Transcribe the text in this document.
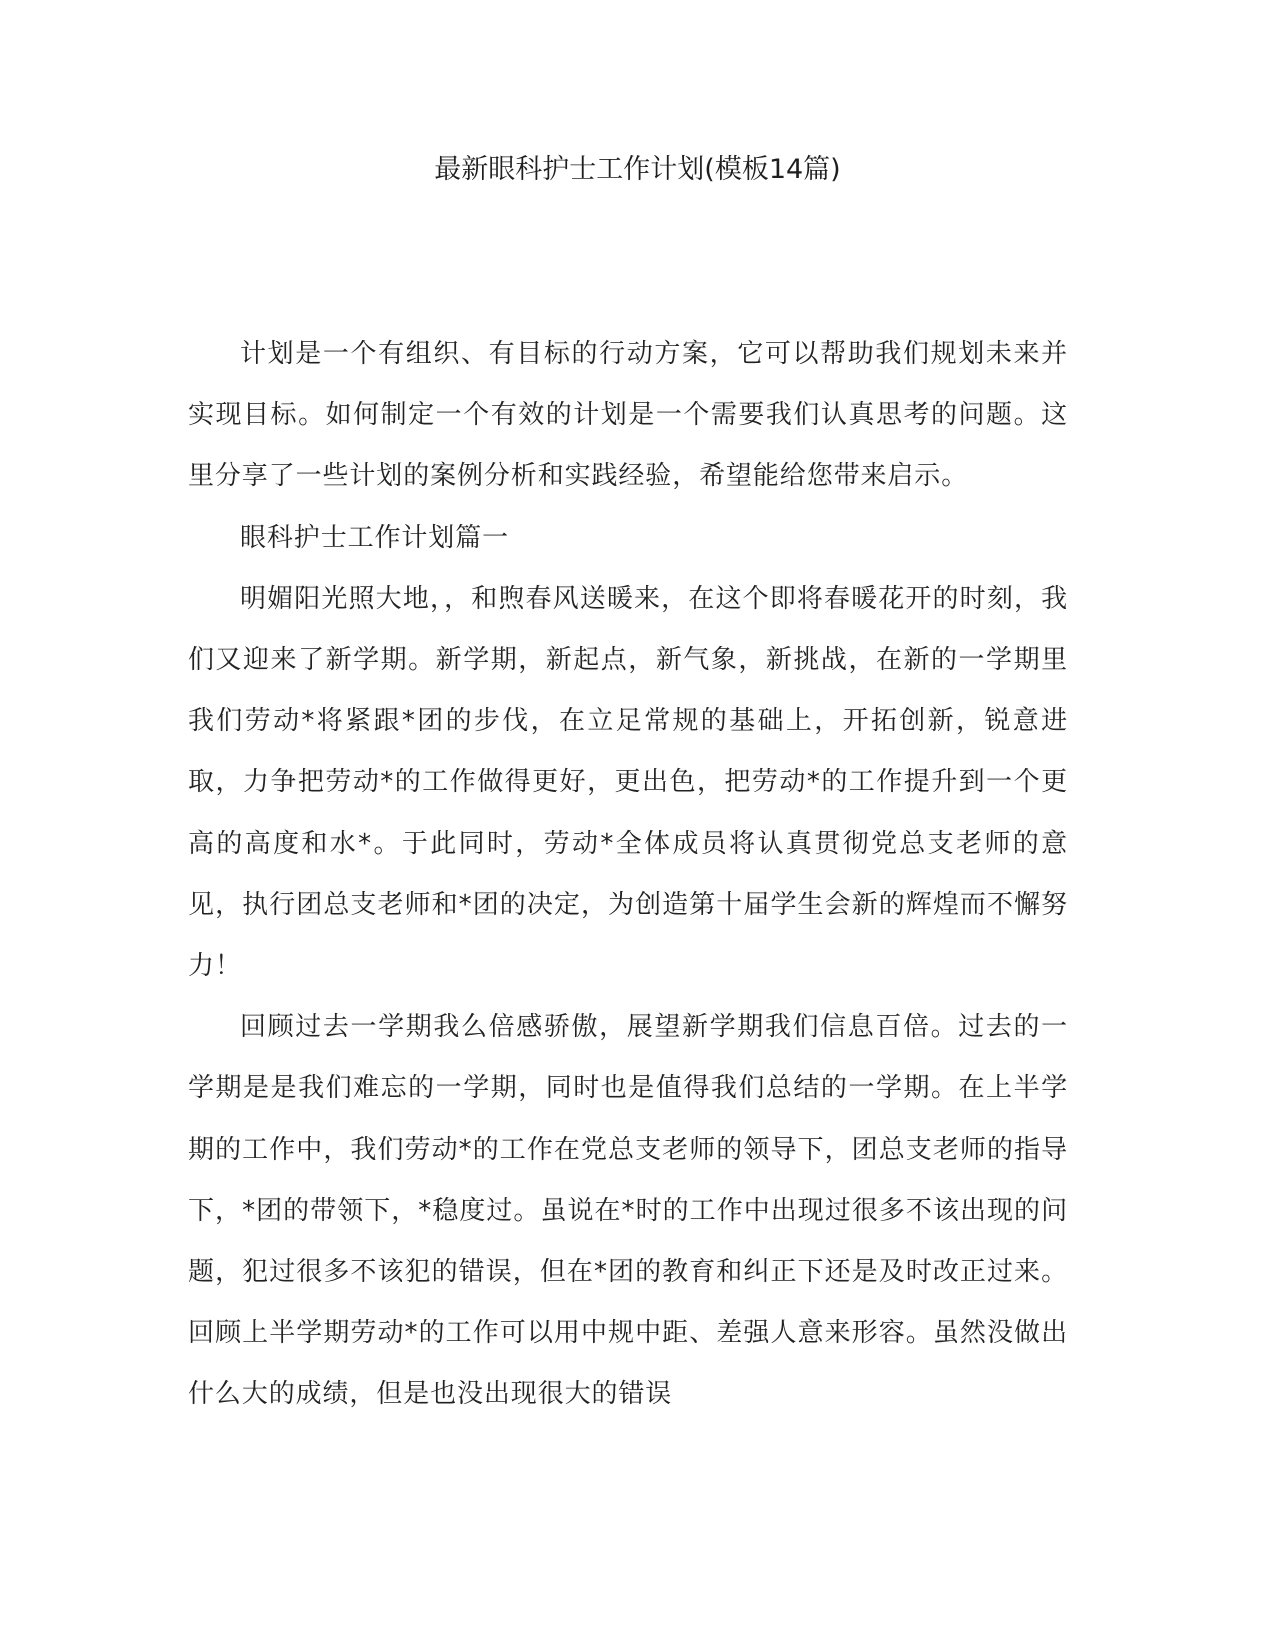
最新眼科护士工作计划(模板14篇)

计划是一个有组织、有目标的行动方案，它可以帮助我们规划未来并实现目标。如何制定一个有效的计划是一个需要我们认真思考的问题。这里分享了一些计划的案例分析和实践经验，希望能给您带来启示。

眼科护士工作计划篇一

明媚阳光照大地，，和煦春风送暖来，在这个即将春暖花开的时刻，我们又迎来了新学期。新学期，新起点，新气象，新挑战，在新的一学期里我们劳动*将紧跟*团的步伐，在立足常规的基础上，开拓创新，锐意进取，力争把劳动*的工作做得更好，更出色，把劳动*的工作提升到一个更高的高度和水*。于此同时，劳动*全体成员将认真贯彻党总支老师的意见，执行团总支老师和*团的决定，为创造第十届学生会新的辉煌而不懈努力！

回顾过去一学期我么倍感骄傲，展望新学期我们信息百倍。过去的一学期是是我们难忘的一学期，同时也是值得我们总结的一学期。在上半学期的工作中，我们劳动*的工作在党总支老师的领导下，团总支老师的指导下，*团的带领下，*稳度过。虽说在*时的工作中出现过很多不该出现的问题，犯过很多不该犯的错误，但在*团的教育和纠正下还是及时改正过来。回顾上半学期劳动*的工作可以用中规中距、差强人意来形容。虽然没做出什么大的成绩，但是也没出现很大的错误
